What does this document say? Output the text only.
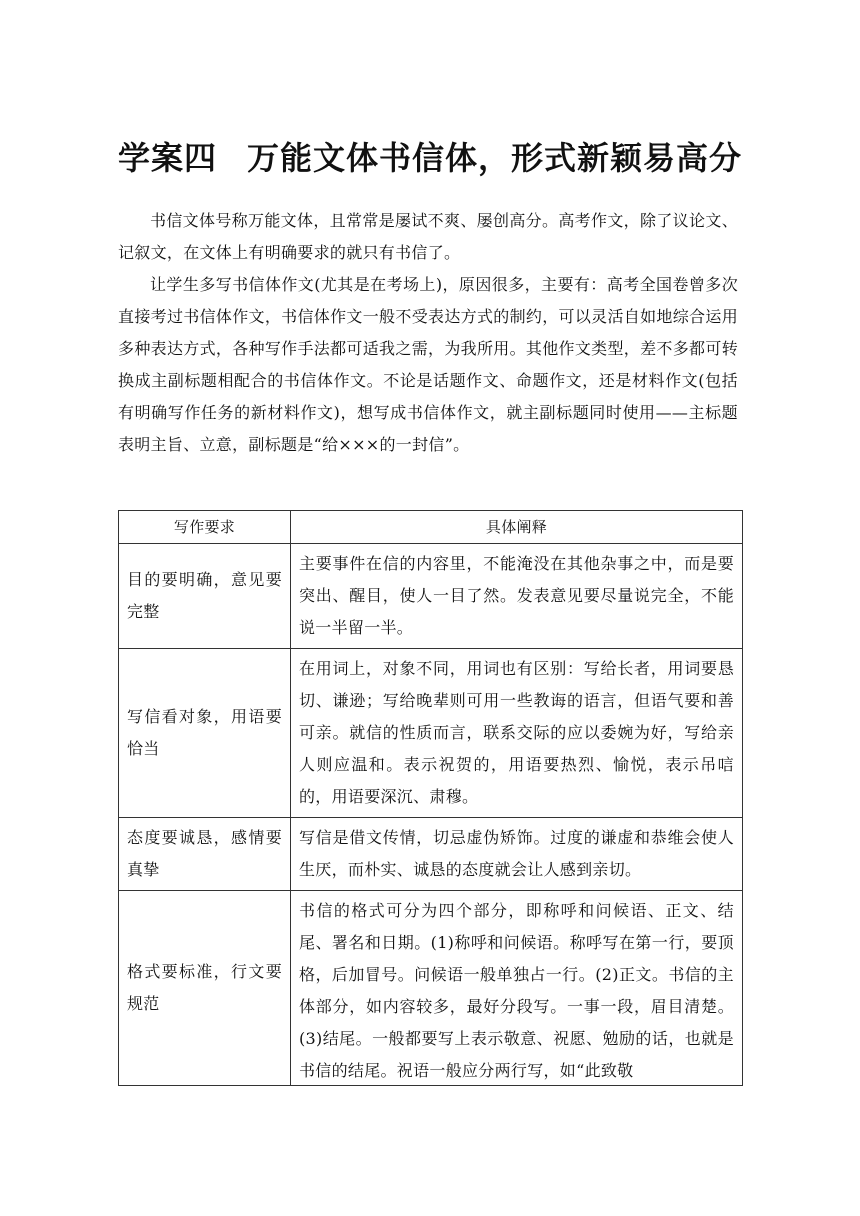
学案四 万能文体书信体，形式新颖易高分

书信文体号称万能文体，且常常是屡试不爽、屡创高分。高考作文，除了议论文、记叙文，在文体上有明确要求的就只有书信了。

让学生多写书信体作文(尤其是在考场上)，原因很多，主要有：高考全国卷曾多次直接考过书信体作文，书信体作文一般不受表达方式的制约，可以灵活自如地综合运用多种表达方式，各种写作手法都可适我之需，为我所用。其他作文类型，差不多都可转换成主副标题相配合的书信体作文。不论是话题作文、命题作文，还是材料作文(包括有明确写作任务的新材料作文)，想写成书信体作文，就主副标题同时使用——主标题表明主旨、立意，副标题是“给×××的一封信”。

写作要求	具体阐释
目的要明确，意见要完整	主要事件在信的内容里，不能淹没在其他杂事之中，而是要突出、醒目，使人一目了然。发表意见要尽量说完全，不能说一半留一半。
写信看对象，用语要恰当	在用词上，对象不同，用词也有区别：写给长者，用词要恳切、谦逊；写给晚辈则可用一些教诲的语言，但语气要和善可亲。就信的性质而言，联系交际的应以委婉为好，写给亲人则应温和。表示祝贺的，用语要热烈、愉悦，表示吊唁的，用语要深沉、肃穆。
态度要诚恳，感情要真挚	写信是借文传情，切忌虚伪矫饰。过度的谦虚和恭维会使人生厌，而朴实、诚恳的态度就会让人感到亲切。

格式要标准，行文要规范	书信的格式可分为四个部分，即称呼和问候语、正文、结尾、署名和日期。(1)称呼和问候语。称呼写在第一行，要顶格，后加冒号。问候语一般单独占一行。(2)正文。书信的主体部分，如内容较多，最好分段写。一事一段，眉目清楚。(3)结尾。一般都要写上表示敬意、祝愿、勉励的话，也就是书信的结尾。祝语一般应分两行写，如“此致敬
